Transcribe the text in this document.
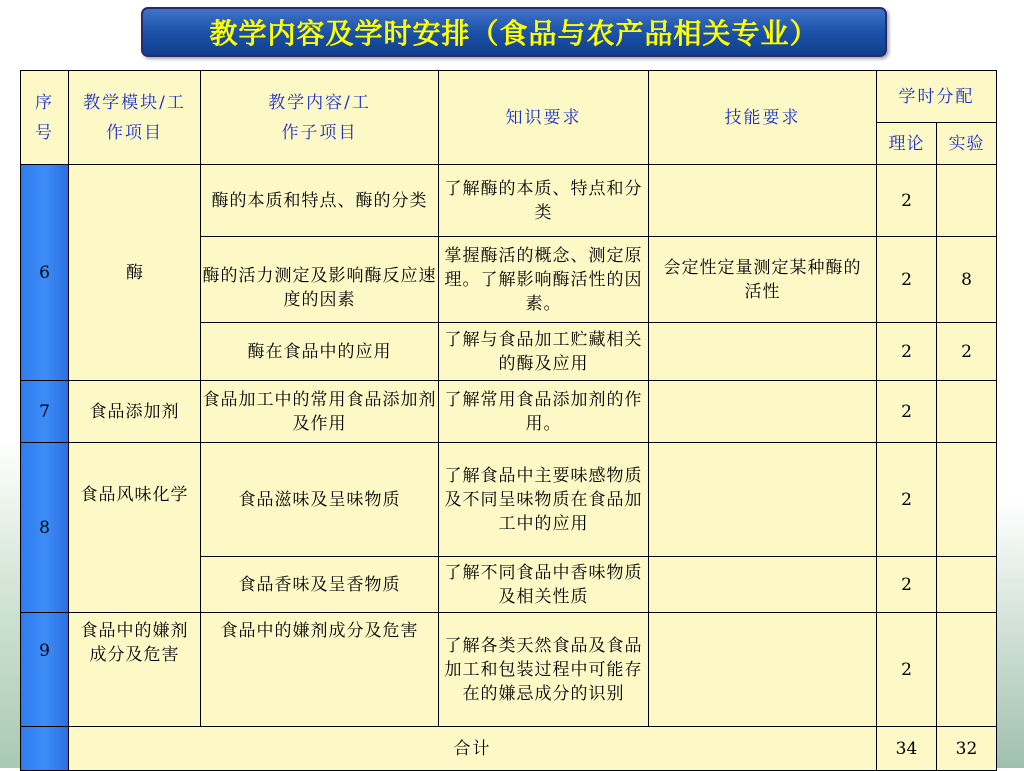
教学内容及学时安排（食品与农产品相关专业）
序号	教学模块/工作项目	教学内容/工作子项目	知识要求	技能要求	学时分配	
					理论	实验
6	酶	酶的本质和特点、酶的分类	了解酶的本质、特点和分类		2	
		酶的活力测定及影响酶反应速度的因素	掌握酶活的概念、测定原理。了解影响酶活性的因素。	会定性定量测定某种酶的活性	2	8
		酶在食品中的应用	了解与食品加工贮藏相关的酶及应用		2	2
7	食品添加剂	食品加工中的常用食品添加剂及作用	了解常用食品添加剂的作用。		2	
8	食品风味化学	食品滋味及呈味物质	了解食品中主要味感物质及不同呈味物质在食品加工中的应用		2	
		食品香味及呈香物质	了解不同食品中香味物质及相关性质		2	
9	食品中的嫌剂成分及危害	食品中的嫌剂成分及危害	了解各类天然食品及食品加工和包装过程中可能存在的嫌忌成分的识别		2	
	合计				34	32
